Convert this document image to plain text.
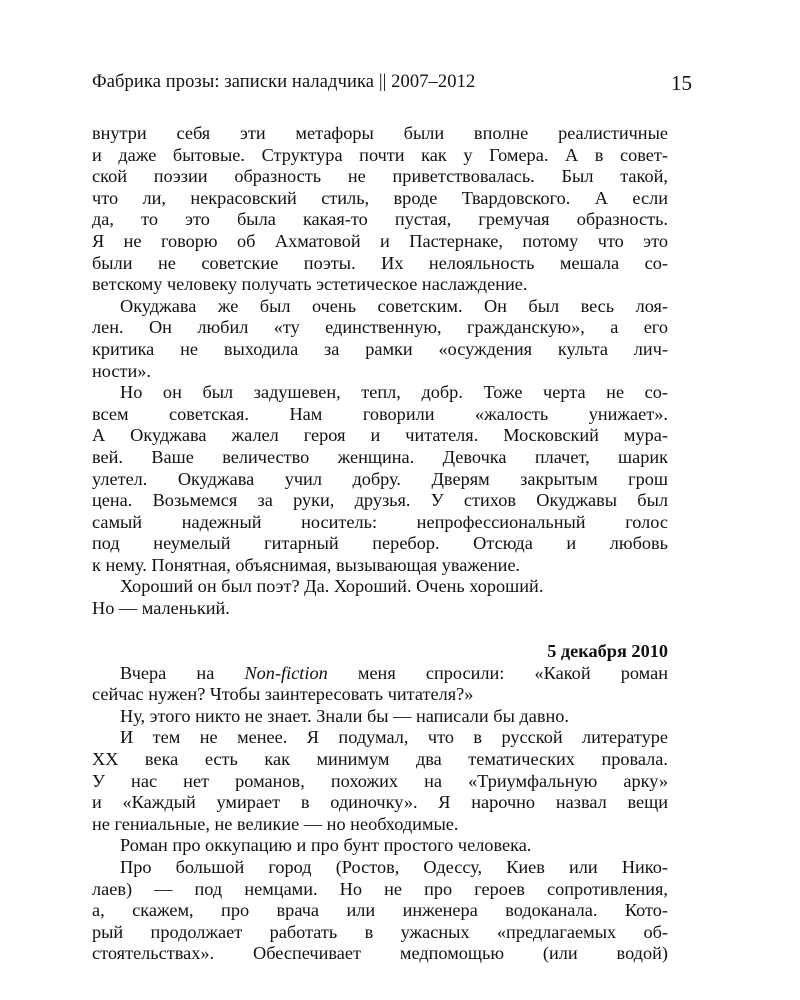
Фабрика прозы: записки наладчика || 2007–2012	15
внутри себя эти метафоры были вполне реалистичные
и даже бытовые. Структура почти как у Гомера. А в совет-
ской поэзии образность не приветствовалась. Был такой,
что ли, некрасовский стиль, вроде Твардовского. А если
да, то это была какая-то пустая, гремучая образность.
Я не говорю об Ахматовой и Пастернаке, потому что это
были не советские поэты. Их нелояльность мешала со-
ветскому человеку получать эстетическое наслаждение.
Окуджава же был очень советским. Он был весь лоя-
лен. Он любил «ту единственную, гражданскую», а его
критика не выходила за рамки «осуждения культа лич-
ности».
Но он был задушевен, тепл, добр. Тоже черта не со-
всем советская. Нам говорили «жалость унижает».
А Окуджава жалел героя и читателя. Московский мура-
вей. Ваше величество женщина. Девочка плачет, шарик
улетел. Окуджава учил добру. Дверям закрытым грош
цена. Возьмемся за руки, друзья. У стихов Окуджавы был
самый надежный носитель: непрофессиональный голос
под неумелый гитарный перебор. Отсюда и любовь
к нему. Понятная, объяснимая, вызывающая уважение.
Хороший он был поэт? Да. Хороший. Очень хороший.
Но — маленький.
5 декабря 2010
Вчера на Non-fiction меня спросили: «Какой роман
сейчас нужен? Чтобы заинтересовать читателя?»
Ну, этого никто не знает. Знали бы — написали бы давно.
И тем не менее. Я подумал, что в русской литературе
XX века есть как минимум два тематических провала.
У нас нет романов, похожих на «Триумфальную арку»
и «Каждый умирает в одиночку». Я нарочно назвал вещи
не гениальные, не великие — но необходимые.
Роман про оккупацию и про бунт простого человека.
Про большой город (Ростов, Одессу, Киев или Нико-
лаев) — под немцами. Но не про героев сопротивления,
а, скажем, про врача или инженера водоканала. Кото-
рый продолжает работать в ужасных «предлагаемых об-
стоятельствах». Обеспечивает медпомощью (или водой)
